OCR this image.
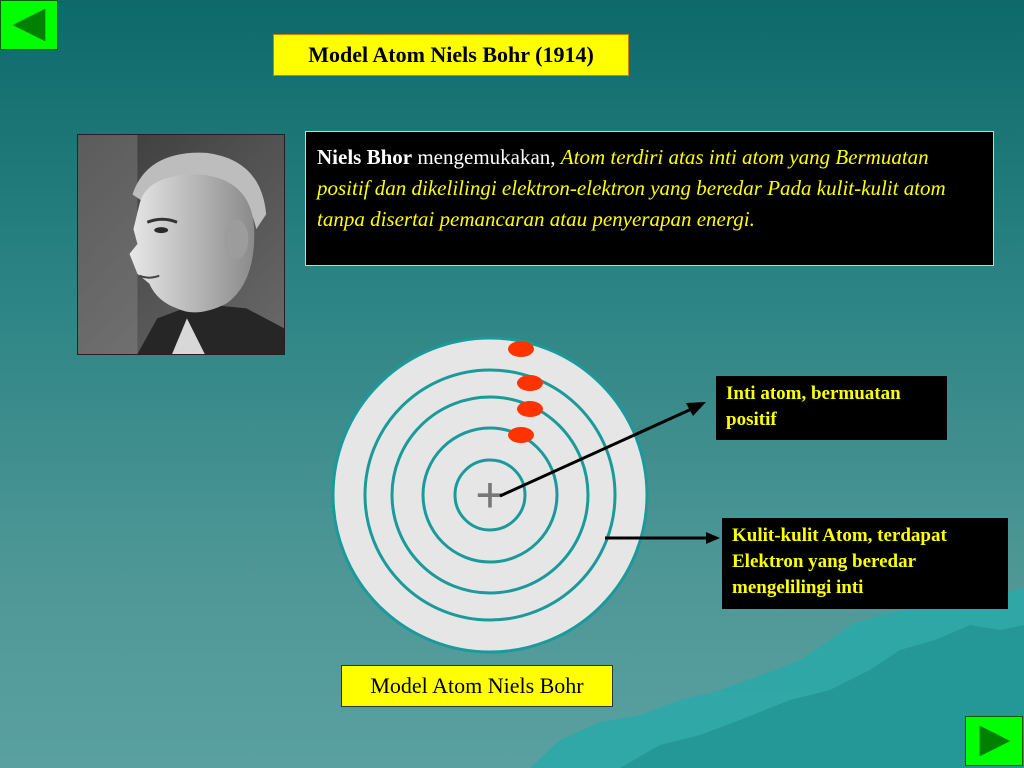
Model Atom Niels Bohr (1914)
Niels Bhor mengemukakan, Atom terdiri atas inti atom yang Bermuatan positif dan dikelilingi elektron-elektron yang beredar Pada kulit-kulit atom tanpa disertai pemancaran atau penyerapan energi.
+
Inti atom, bermuatan positif
Kulit-kulit Atom, terdapat Elektron yang beredar mengelilingi inti
Model Atom Niels Bohr
